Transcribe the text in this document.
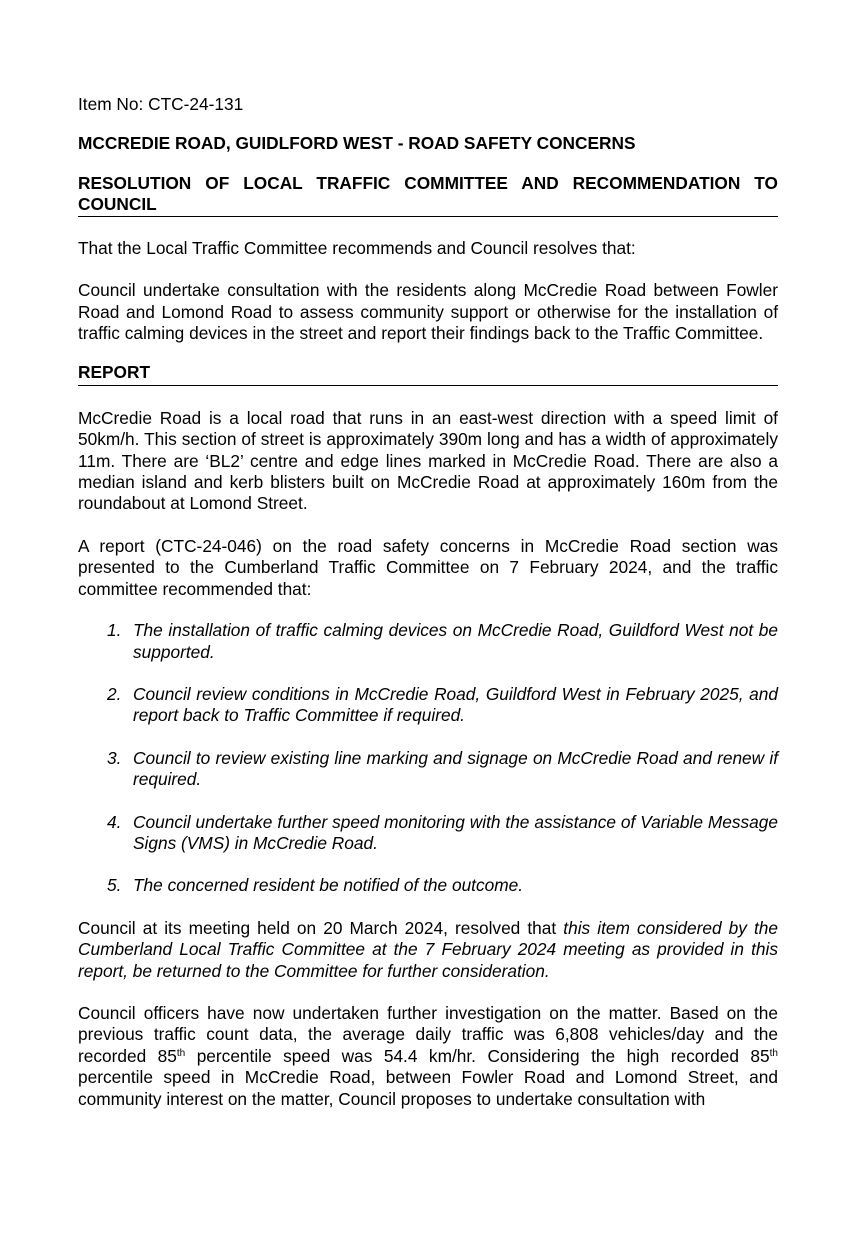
Item No: CTC-24-131

MCCREDIE ROAD, GUIDLFORD WEST - ROAD SAFETY CONCERNS

RESOLUTION OF LOCAL TRAFFIC COMMITTEE AND RECOMMENDATION TO COUNCIL

That the Local Traffic Committee recommends and Council resolves that:

Council undertake consultation with the residents along McCredie Road between Fowler Road and Lomond Road to assess community support or otherwise for the installation of traffic calming devices in the street and report their findings back to the Traffic Committee.

REPORT

McCredie Road is a local road that runs in an east-west direction with a speed limit of 50km/h. This section of street is approximately 390m long and has a width of approximately 11m. There are ‘BL2’ centre and edge lines marked in McCredie Road. There are also a median island and kerb blisters built on McCredie Road at approximately 160m from the roundabout at Lomond Street.

A report (CTC-24-046) on the road safety concerns in McCredie Road section was presented to the Cumberland Traffic Committee on 7 February 2024, and the traffic committee recommended that:

1. The installation of traffic calming devices on McCredie Road, Guildford West not be supported.
2. Council review conditions in McCredie Road, Guildford West in February 2025, and report back to Traffic Committee if required.
3. Council to review existing line marking and signage on McCredie Road and renew if required.
4. Council undertake further speed monitoring with the assistance of Variable Message Signs (VMS) in McCredie Road.
5. The concerned resident be notified of the outcome.

Council at its meeting held on 20 March 2024, resolved that this item considered by the Cumberland Local Traffic Committee at the 7 February 2024 meeting as provided in this report, be returned to the Committee for further consideration.

Council officers have now undertaken further investigation on the matter. Based on the previous traffic count data, the average daily traffic was 6,808 vehicles/day and the recorded 85th percentile speed was 54.4 km/hr. Considering the high recorded 85th percentile speed in McCredie Road, between Fowler Road and Lomond Street, and community interest on the matter, Council proposes to undertake consultation with
